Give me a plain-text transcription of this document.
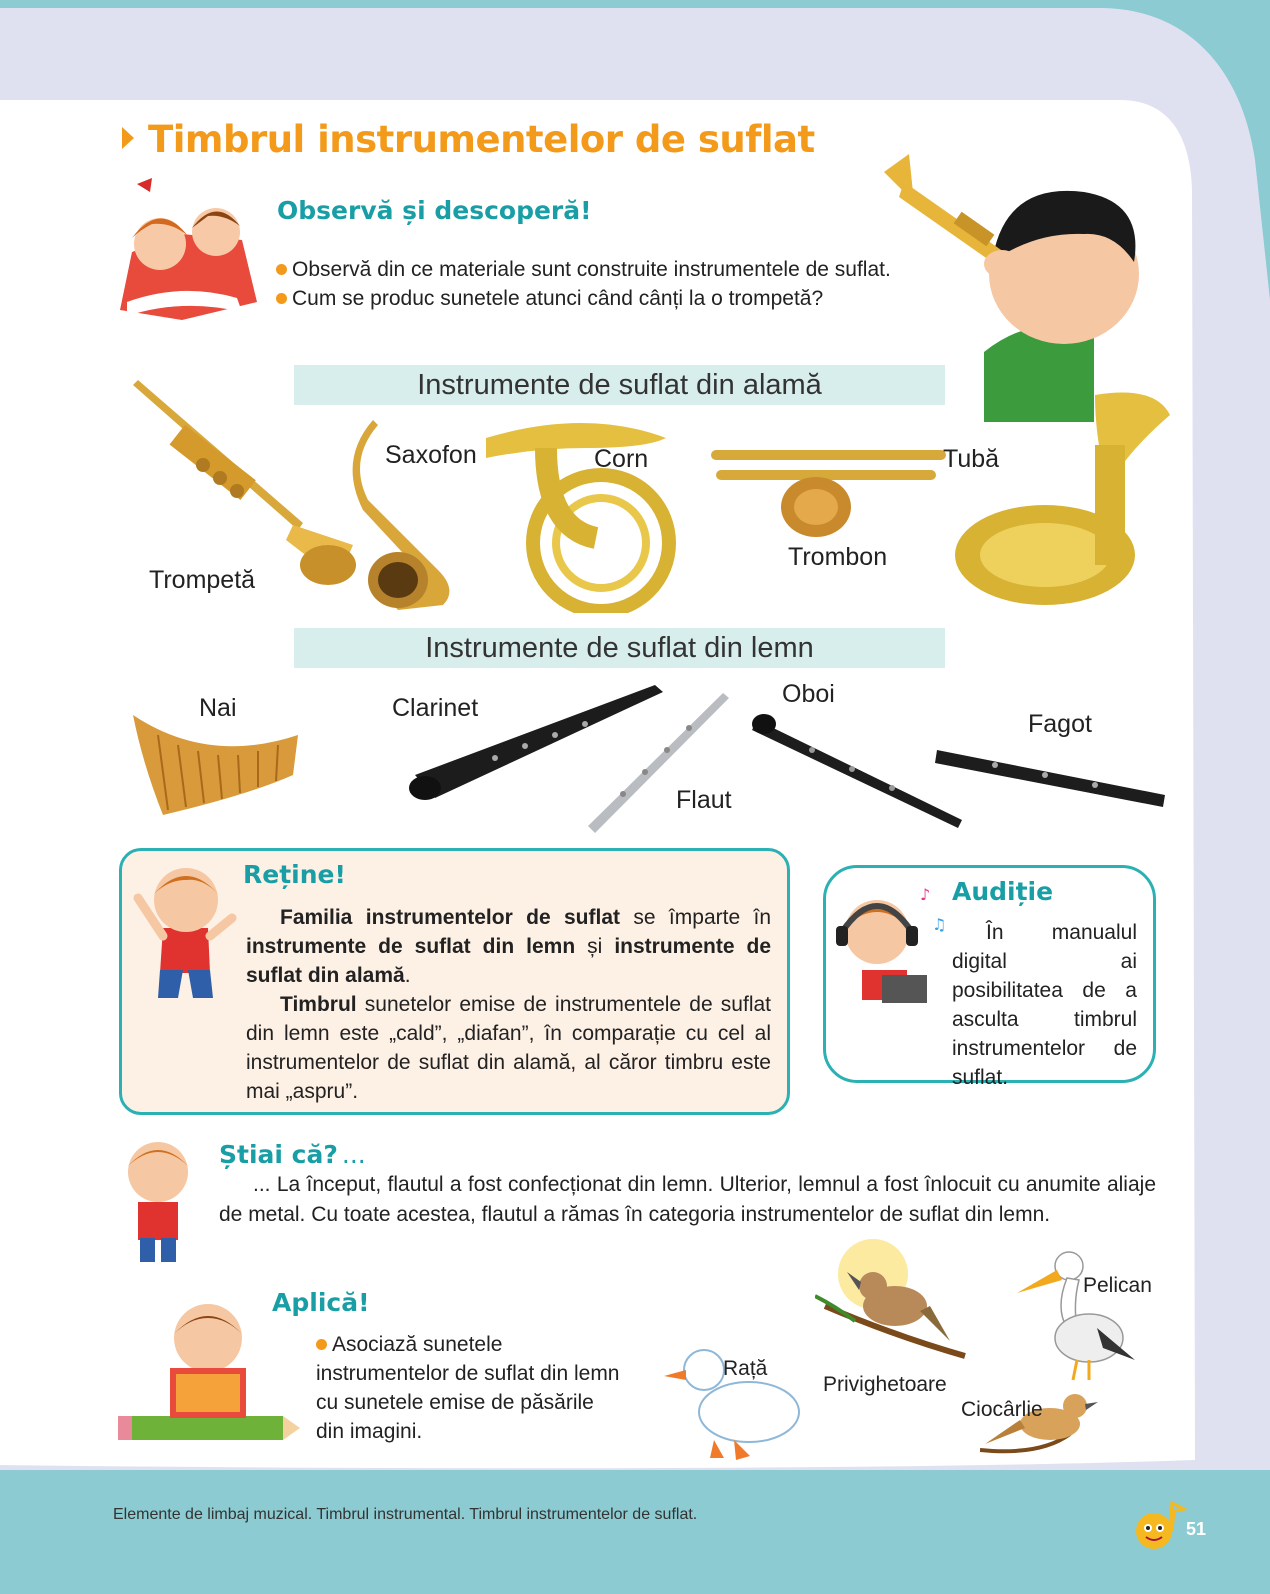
Timbrul instrumentelor de suflat
Observă și descoperă!
Observă din ce materiale sunt construite instrumentele de suflat.
Cum se produc sunetele atunci când cânți la o trompetă?
Instrumente de suflat din alamă
Trompetă
Saxofon	Corn
Trombon
Tubă
Instrumente de suflat din lemn
Nai	Clarinet
Flaut
Oboi
Fagot
Reține!
Familia instrumentelor de suflat se împarte în instrumente de suflat din lemn și instrumente de suflat din alamă.
Timbrul sunetelor emise de instrumentele de suflat din lemn este „cald”, „diafan”, în comparație cu cel al instrumentelor de suflat din alamă, al căror timbru este mai „aspru”.
♪
♫
Audiție
În manualul digital ai posibilitatea de a asculta timbrul instrumentelor de suflat.
Știai că? ...
... La început, flautul a fost confecționat din lemn. Ulterior, lemnul a fost înlocuit cu anumite aliaje de metal. Cu toate acestea, flautul a rămas în categoria instrumentelor de suflat din lemn.
Aplică!
Asociază sunetele instrumentelor de suflat din lemn cu sunetele emise de păsările din imagini.
Rață
Privighetoare
Pelican
Ciocârlie
Elemente de limbaj muzical. Timbrul instrumental. Timbrul instrumentelor de suflat.
51
